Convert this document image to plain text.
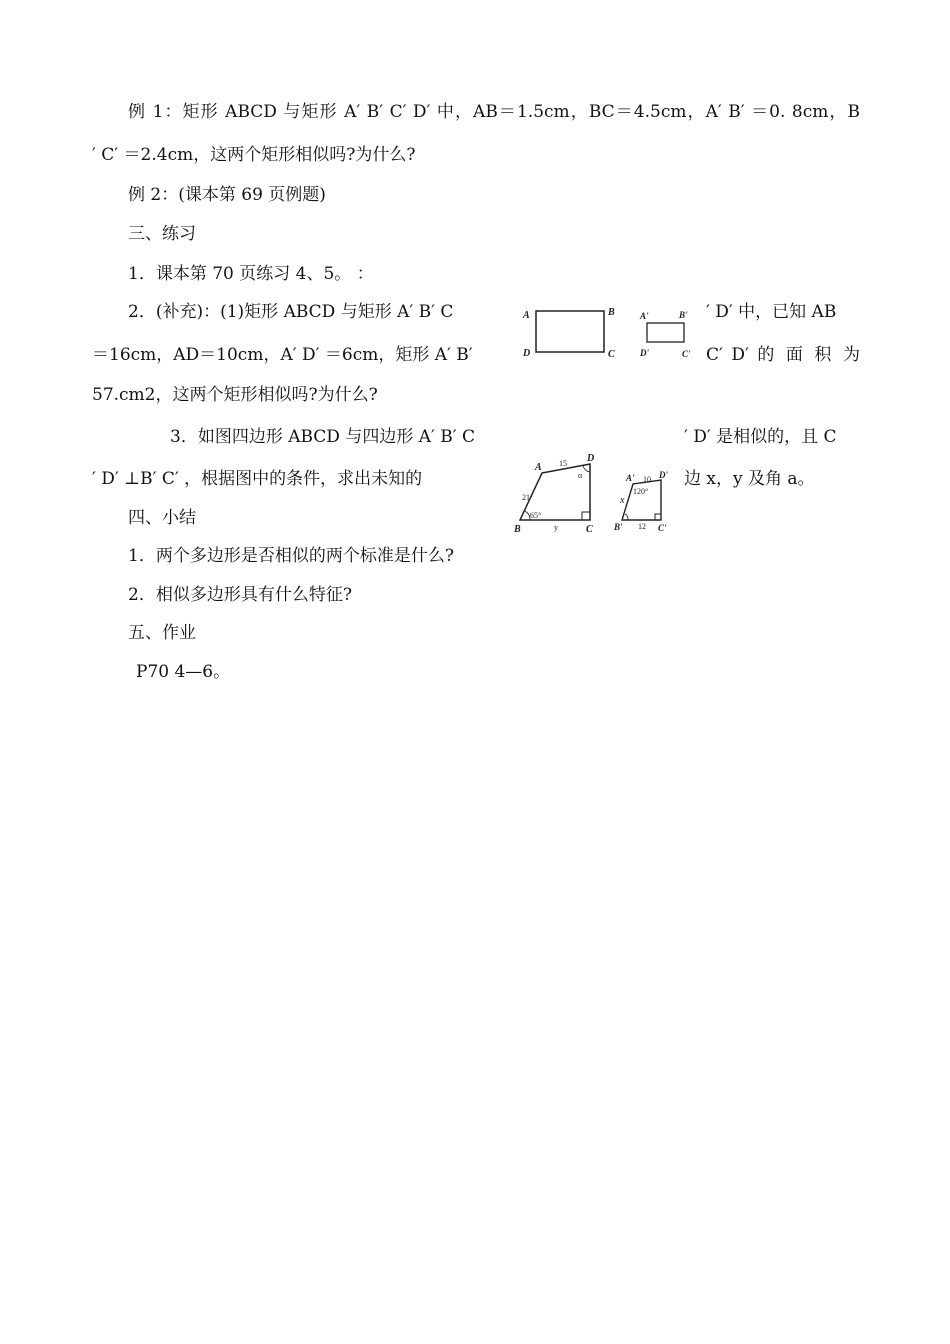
例 1：矩形 ABCD 与矩形 A′ B′ C′ D′ 中，AB＝1.5cm，BC＝4.5cm，A′ B′ ＝0. 8cm，B
′ C′ ＝2.4cm，这两个矩形相似吗?为什么?
例 2：(课本第 69 页例题)
三、练习
1．课本第 70 页练习 4、5。 ：
2．(补充)：(1)矩形 ABCD 与矩形 A′ B′ C	′ D′ 中，已知 AB
＝16cm，AD＝10cm，A′ D′ ＝6cm，矩形 A′ B′	C′ D′ 的 面 积 为
57.cm2，这两个矩形相似吗?为什么?
3．如图四边形 ABCD 与四边形 A′ B′ C	′ D′ 是相似的，且 C
′ D′ ⊥B′ C′ ，根据图中的条件，求出未知的	边 x，y 及角 a。
四、小结
1．两个多边形是否相似的两个标准是什么?
2．相似多边形具有什么特征?
五、作业
P70 4—6。
A	B
D	C
A'	B'
D'	C'
A
D
B	C
15
21
65°
y
α	A'	D'
B'	C'
10
120°
x
12
